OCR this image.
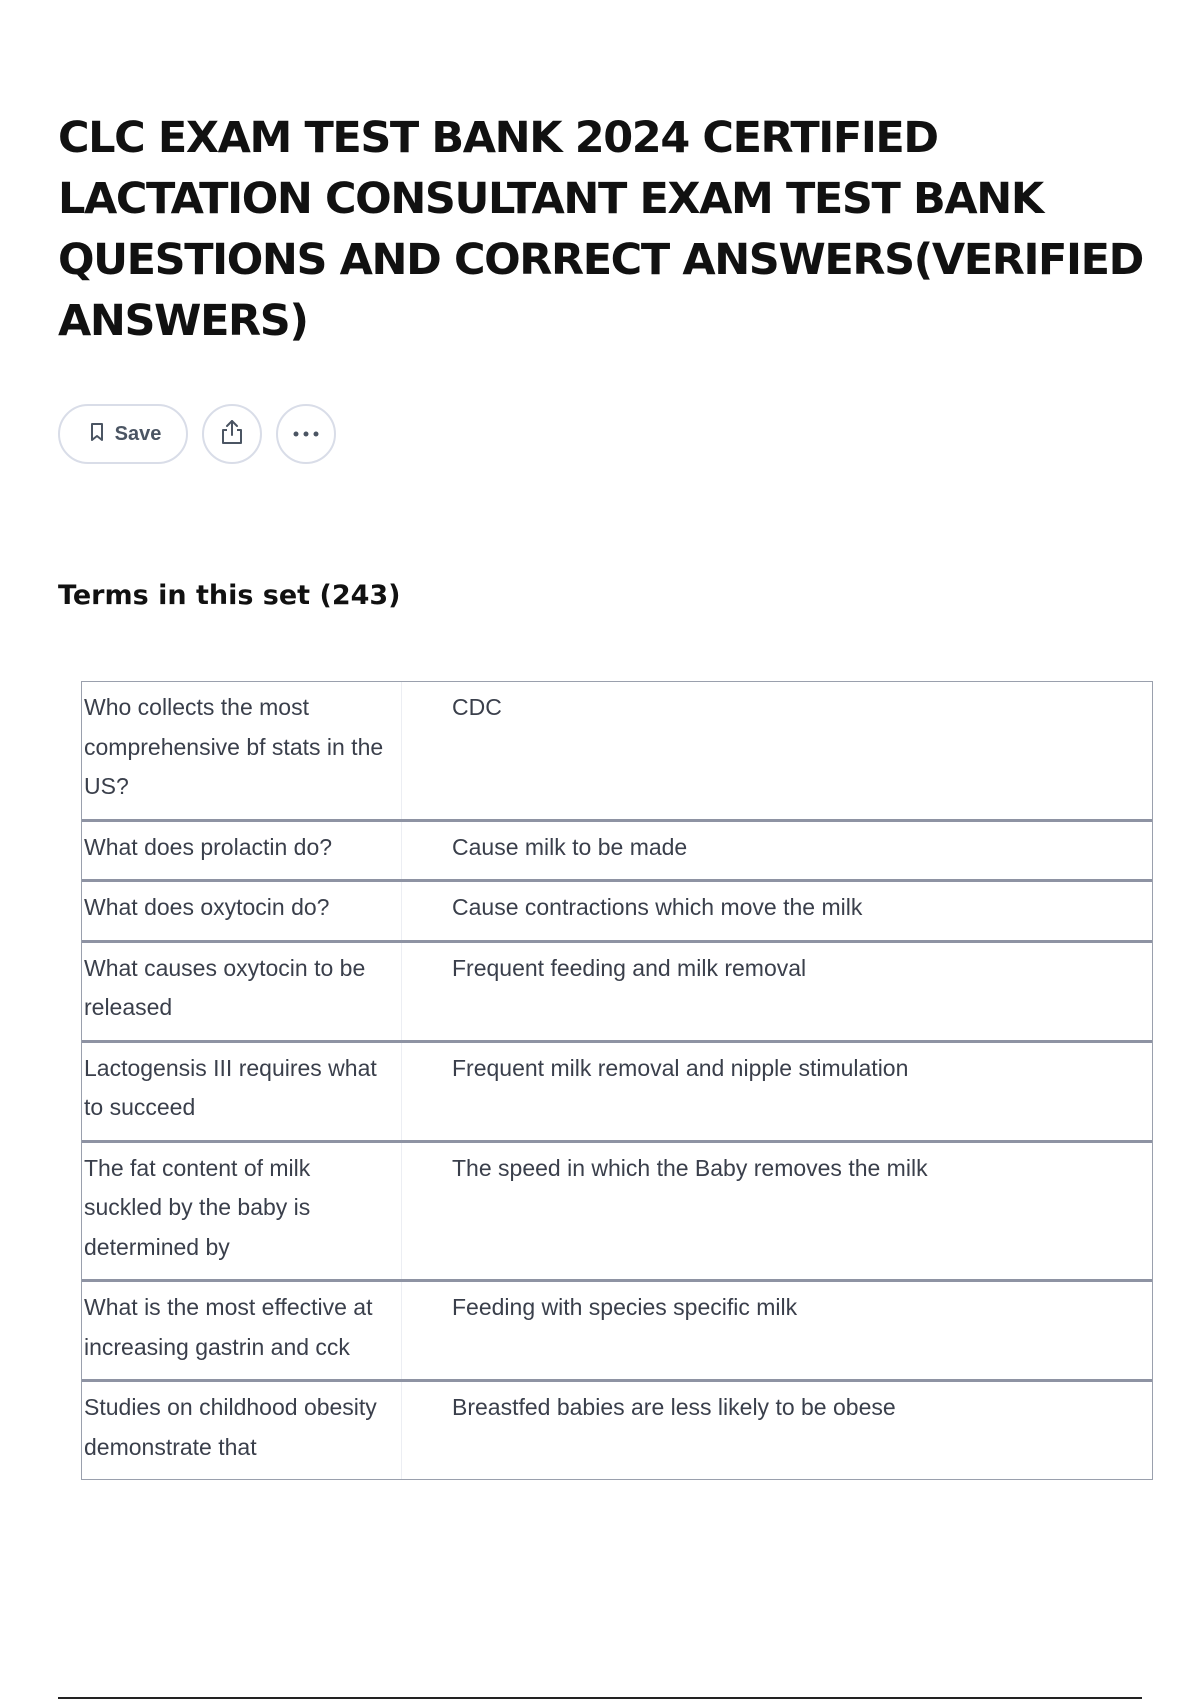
CLC EXAM TEST BANK 2024 CERTIFIED LACTATION CONSULTANT EXAM TEST BANK QUESTIONS AND CORRECT ANSWERS(VERIFIED ANSWERS)
Save
Terms in this set (243)
Who collects the most comprehensive bf stats in the US?
CDC
What does prolactin do?	Cause milk to be made
What does oxytocin do?	Cause contractions which move the milk
What causes oxytocin to be released
Frequent feeding and milk removal
Lactogensis III requires what to succeed
Frequent milk removal and nipple stimulation
The fat content of milk suckled by the baby is determined by
The speed in which the Baby removes the milk
What is the most effective at increasing gastrin and cck
Feeding with species specific milk
Studies on childhood obesity demonstrate that
Breastfed babies are less likely to be obese
